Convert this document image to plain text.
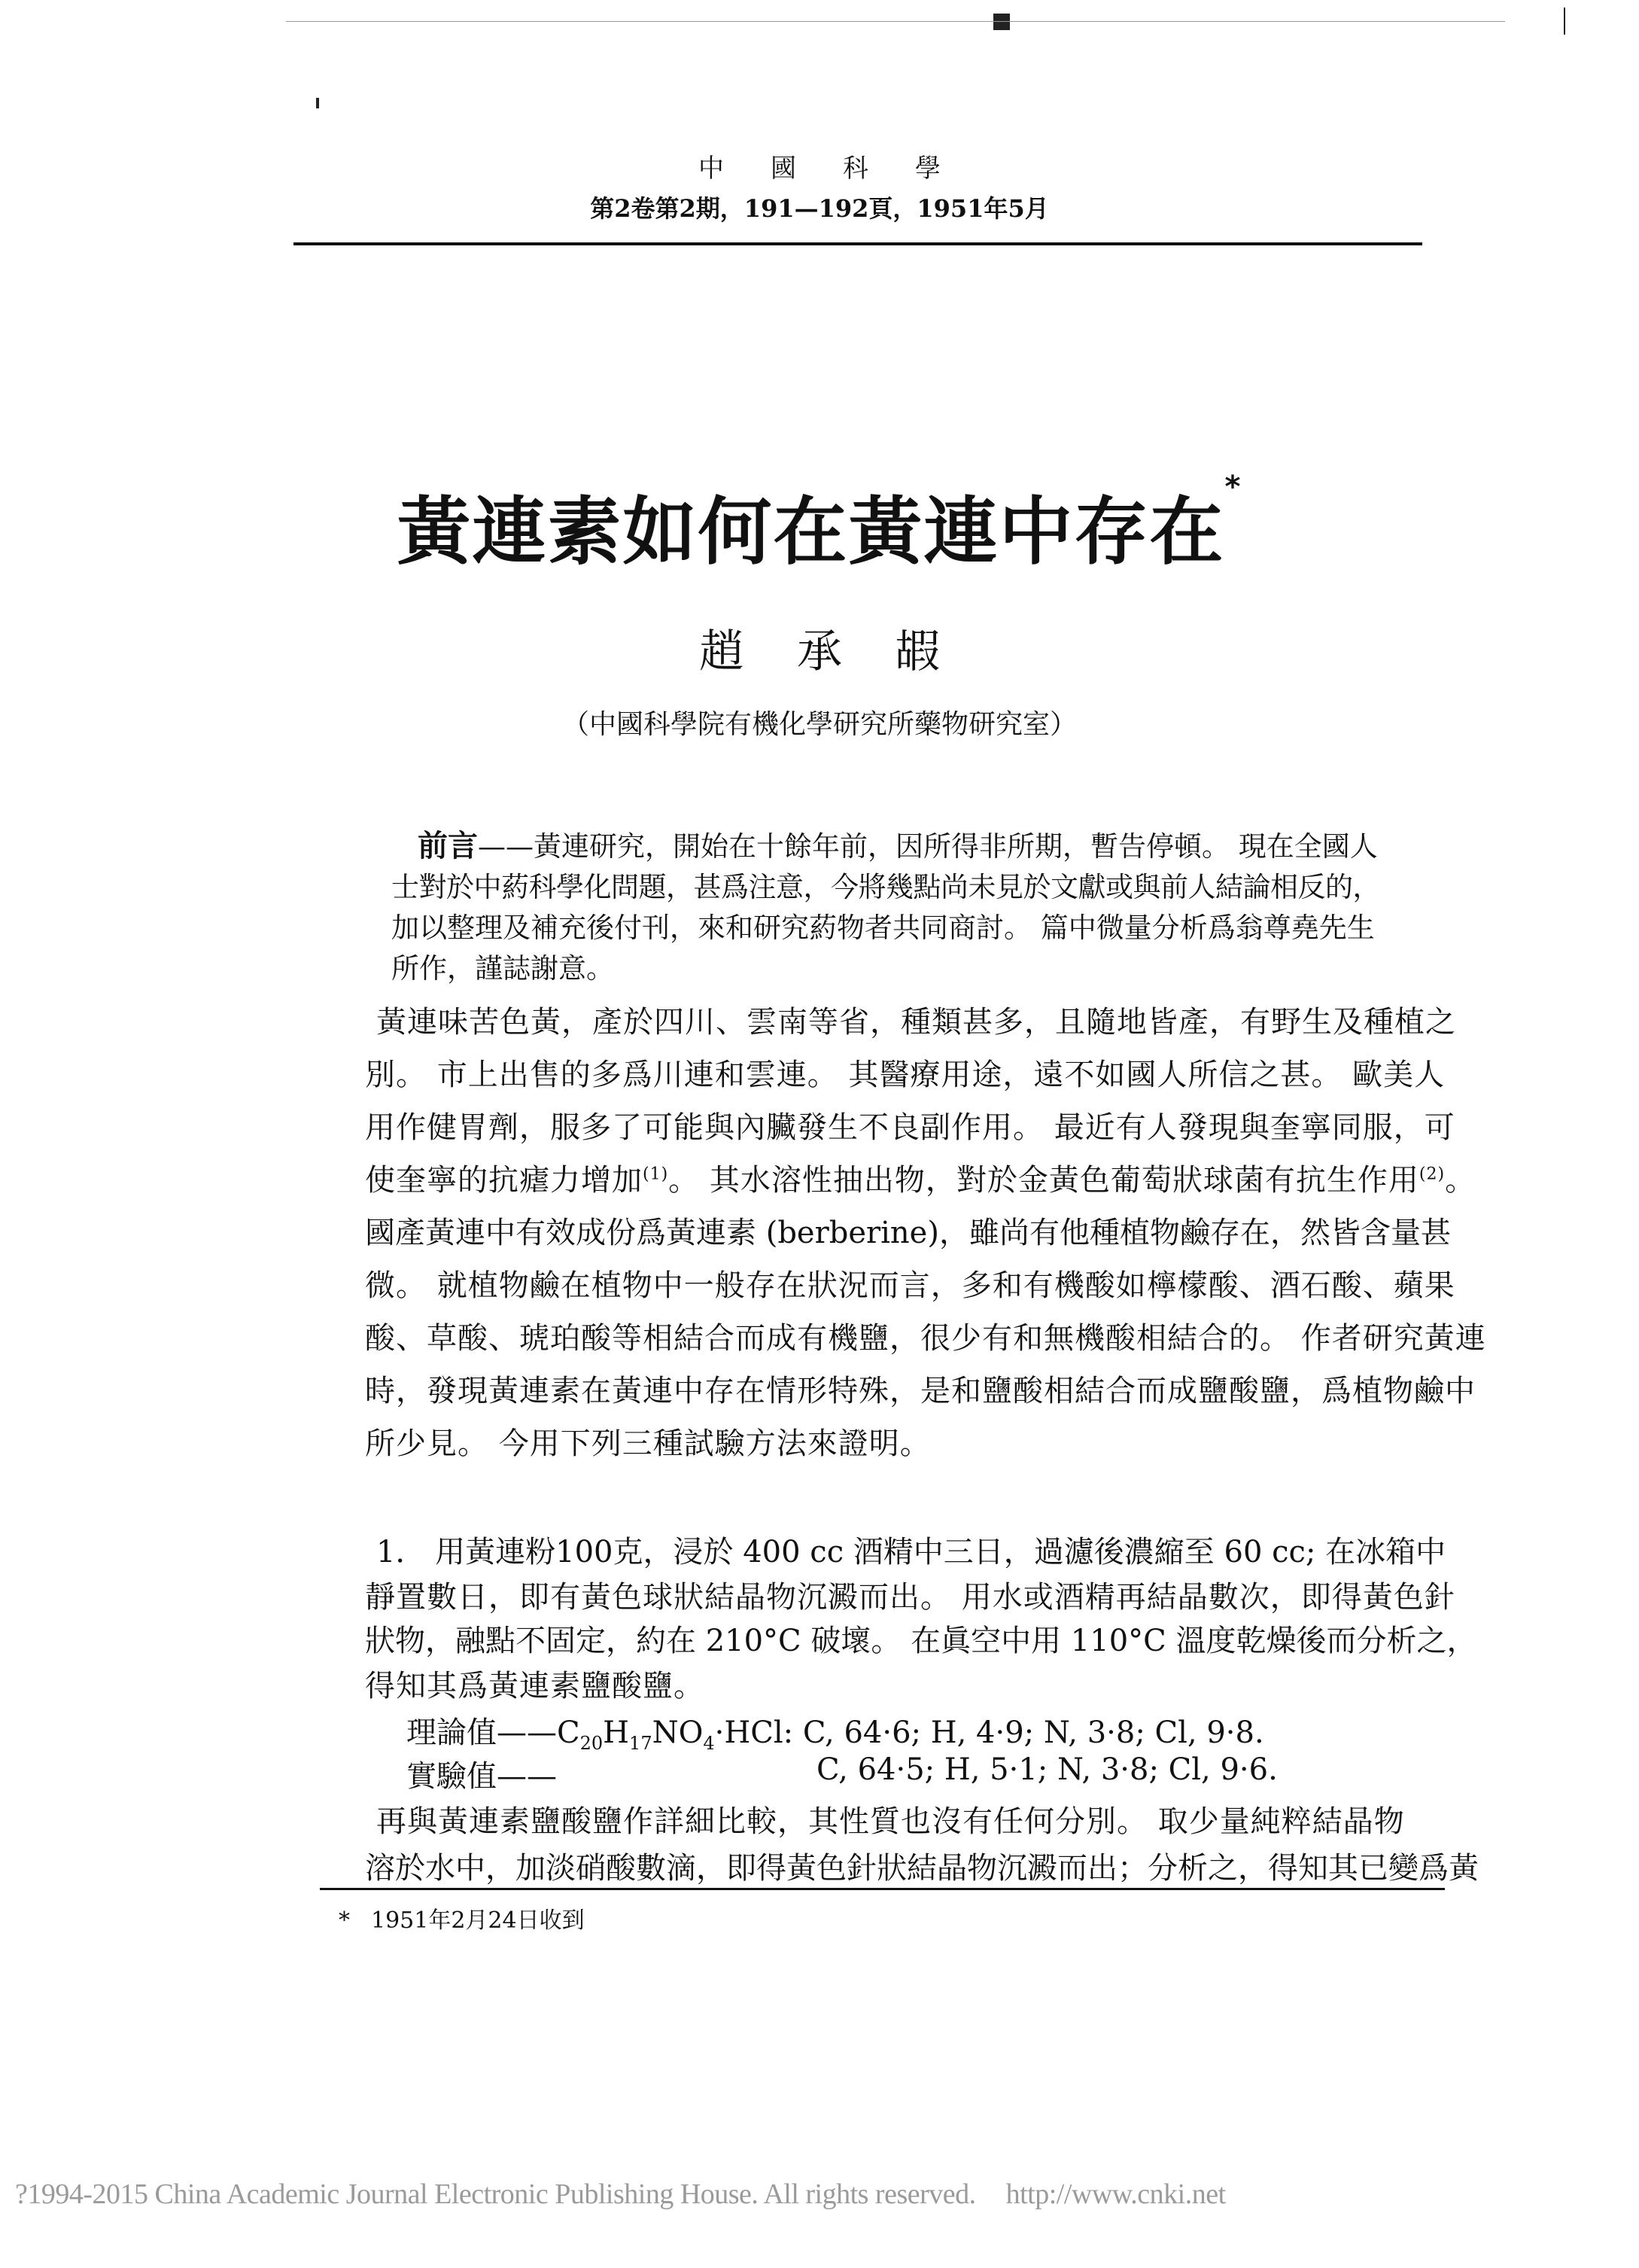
中國科學
第2卷第2期，191—192頁，1951年5月
黃連素如何在黃連中存在*
趙承嘏
（中國科學院有機化學研究所藥物研究室）
前言——黃連研究，開始在十餘年前，因所得非所期，暫告停頓。 現在全國人
士對於中葯科學化問題，甚爲注意，今將幾點尚未見於文獻或與前人結論相反的，
加以整理及補充後付刊，來和研究葯物者共同商討。 篇中微量分析爲翁尊堯先生
所作，謹誌謝意。
黃連味苦色黃，產於四川、雲南等省，種類甚多，且隨地皆產，有野生及種植之
別。 市上出售的多爲川連和雲連。 其醫療用途，遠不如國人所信之甚。 歐美人
用作健胃劑，服多了可能與內臟發生不良副作用。 最近有人發現與奎寧同服，可
使奎寧的抗瘧力增加$^{(1)}$。 其水溶性抽出物，對於金黃色葡萄狀球菌有抗生作用$^{(2)}$。
國產黃連中有效成份爲黃連素 (berberine)，雖尚有他種植物鹼存在，然皆含量甚
微。 就植物鹼在植物中一般存在狀況而言，多和有機酸如檸檬酸、酒石酸、蘋果
酸、草酸、琥珀酸等相結合而成有機鹽，很少有和無機酸相結合的。 作者研究黃連
時，發現黃連素在黃連中存在情形特殊，是和鹽酸相結合而成鹽酸鹽，爲植物鹼中
所少見。 今用下列三種試驗方法來證明。
1． 用黃連粉100克，浸於 400 cc 酒精中三日，過濾後濃縮至 60 cc; 在冰箱中
靜置數日，即有黃色球狀結晶物沉澱而出。 用水或酒精再結晶數次，即得黃色針
狀物，融點不固定，約在 210°C 破壞。 在眞空中用 110°C 溫度乾燥後而分析之，
得知其爲黃連素鹽酸鹽。
理論值$——C_{20}H_{17}NO_4\cdot HCl$: C, 64·6; H, 4·9; N, 3·8; Cl, 9·8.
實驗值——	C, 64·5; H, 5·1; N, 3·8; Cl, 9·6.
再與黃連素鹽酸鹽作詳細比較，其性質也沒有任何分別。 取少量純粹結晶物
溶於水中，加淡硝酸數滴，即得黃色針狀結晶物沉澱而出；分析之，得知其已變爲黃
* 1951年2月24日收到
?1994-2015 China Academic Journal Electronic Publishing House. All rights reserved. http://www.cnki.net
